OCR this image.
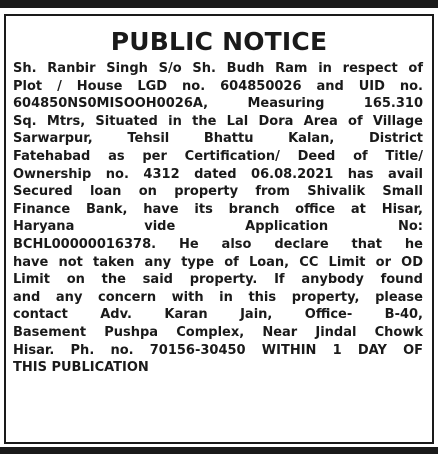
PUBLIC NOTICE
Sh. Ranbir Singh S/o Sh. Budh Ram in respect of
Plot / House LGD no. 604850026 and UID no.
604850NS0MISOOH0026A, Measuring 165.310
Sq. Mtrs, Situated in the Lal Dora Area of Village
Sarwarpur, Tehsil Bhattu Kalan, District
Fatehabad as per Certification/ Deed of Title/
Ownership no. 4312 dated 06.08.2021 has avail
Secured loan on property from Shivalik Small
Finance Bank, have its branch office at Hisar,
Haryana vide Application No:
BCHL00000016378. He also declare that he
have not taken any type of Loan, CC Limit or OD
Limit on the said property. If anybody found
and any concern with in this property, please
contact Adv. Karan Jain, Office- B-40,
Basement Pushpa Complex, Near Jindal Chowk
Hisar. Ph. no. 70156-30450 WITHIN 1 DAY OF
THIS PUBLICATION
